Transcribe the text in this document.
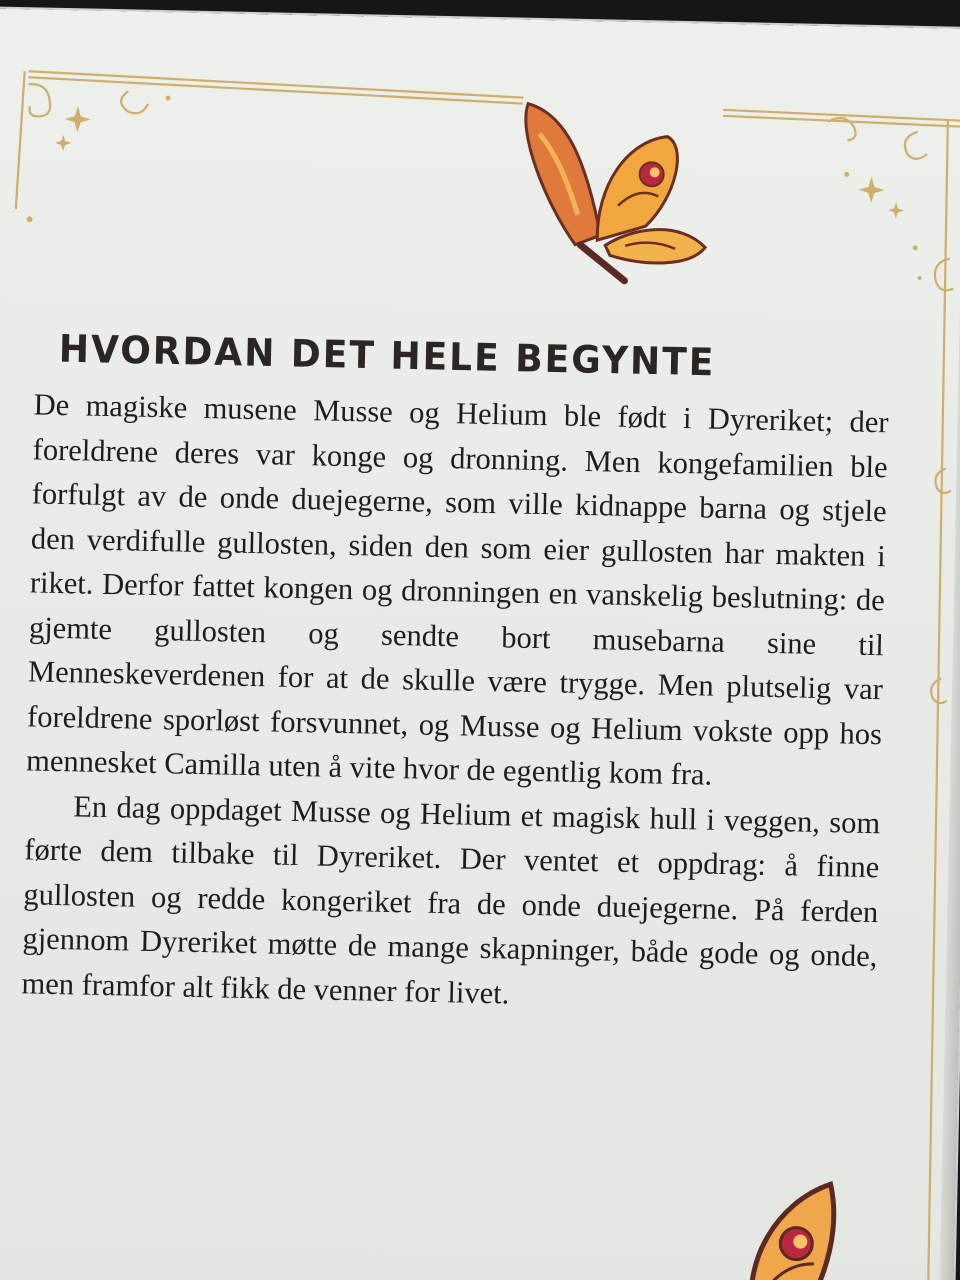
HVORDAN DET HELE BEGYNTE

De magiske musene Musse og Helium ble født i Dyreriket; der foreldrene deres var konge og dronning. Men kongefamilien ble forfulgt av de onde duejegerne, som ville kidnappe barna og stjele den verdifulle gullosten, siden den som eier gullosten har makten i riket. Derfor fattet kongen og dronningen en vanskelig beslutning: de gjemte gullosten og sendte bort musebarna sine til Menneskeverdenen for at de skulle være trygge. Men plutselig var foreldrene sporløst forsvunnet, og Musse og Helium vokste opp hos mennesket Camilla uten å vite hvor de egentlig kom fra.

En dag oppdaget Musse og Helium et magisk hull i veggen, som førte dem tilbake til Dyreriket. Der ventet et oppdrag: å finne gullosten og redde kongeriket fra de onde duejegerne. På ferden gjennom Dyreriket møtte de mange skapninger, både gode og onde, men framfor alt fikk de venner for livet.
